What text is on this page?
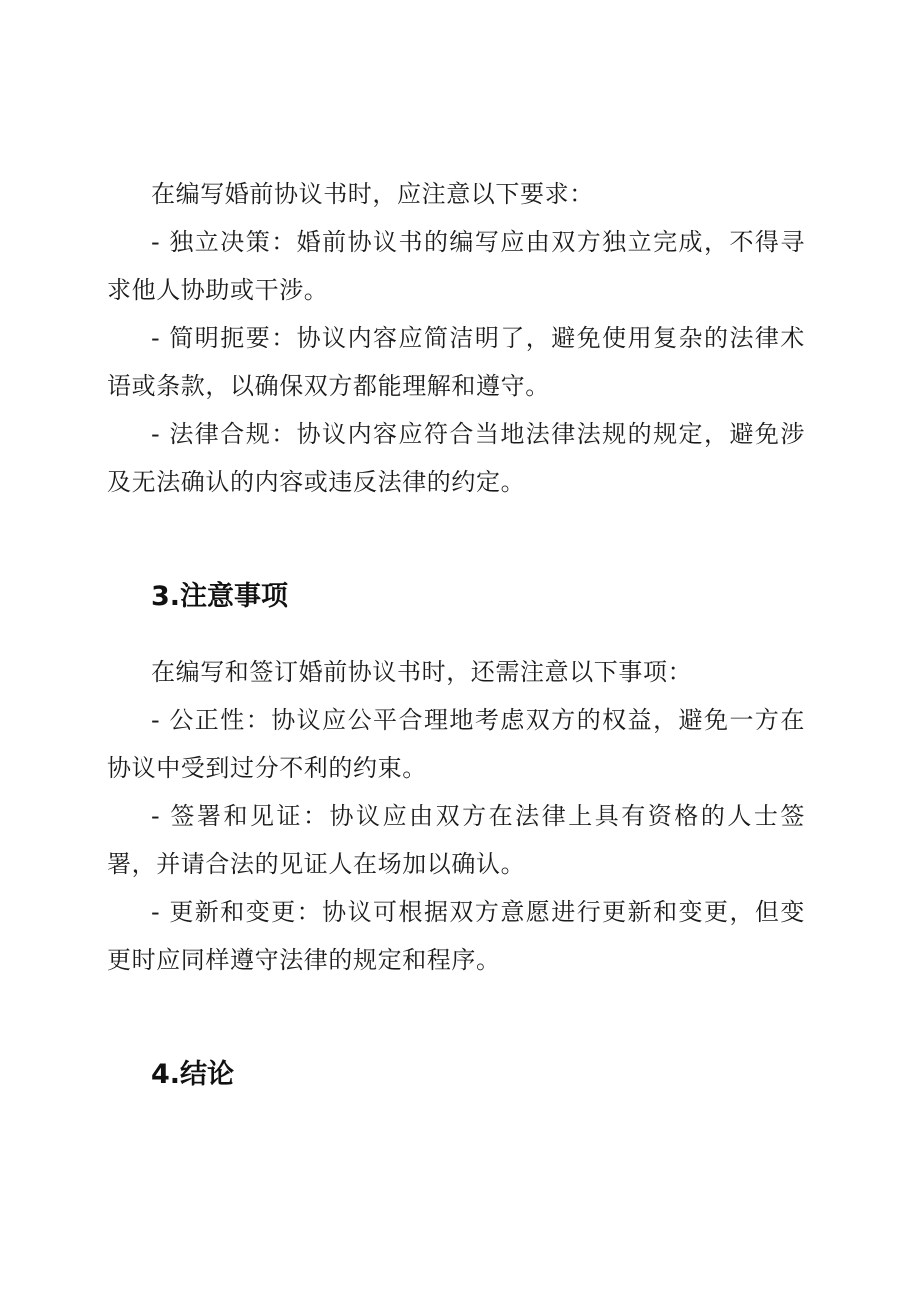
在编写婚前协议书时，应注意以下要求：

- 独立决策：婚前协议书的编写应由双方独立完成，不得寻求他人协助或干涉。

- 简明扼要：协议内容应简洁明了，避免使用复杂的法律术语或条款，以确保双方都能理解和遵守。

- 法律合规：协议内容应符合当地法律法规的规定，避免涉及无法确认的内容或违反法律的约定。

3.注意事项

在编写和签订婚前协议书时，还需注意以下事项：

- 公正性：协议应公平合理地考虑双方的权益，避免一方在协议中受到过分不利的约束。

- 签署和见证：协议应由双方在法律上具有资格的人士签署，并请合法的见证人在场加以确认。

- 更新和变更：协议可根据双方意愿进行更新和变更，但变更时应同样遵守法律的规定和程序。

4.结论
